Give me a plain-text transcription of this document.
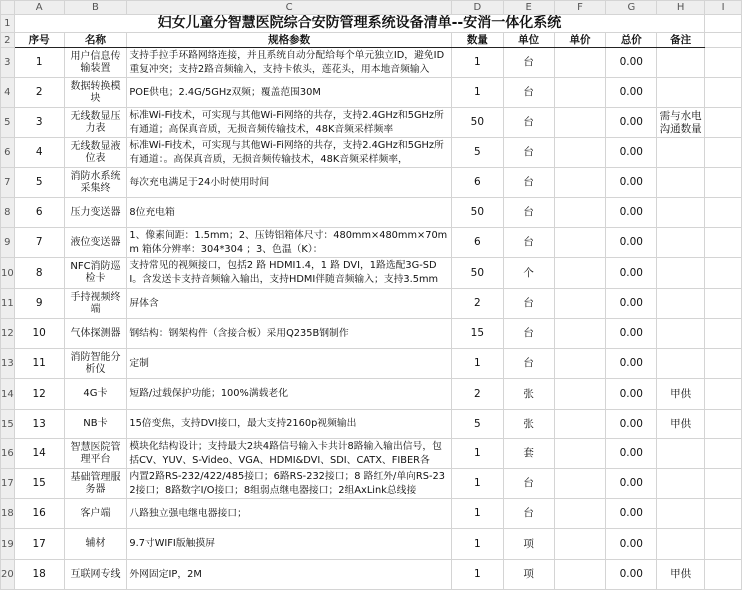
	A	B	C	D	E	F	G	H	I
1	妇女儿童分智慧医院综合安防管理系统设备清单--安消一体化系统								
2	序号	名称	规格参数	数量	单位	单价	总价	备注	
3	1	用户信息传输装置	支持手拉手环路网络连接，并且系统自动分配给每个单元独立ID，避免ID重复冲突；支持2路音频输入，支持卡侬头，莲花头，用本地音频输入	1	台		0.00		
4	2	数据转换模块	POE供电；2.4G/5GHz双频；覆盖范围30M	1	台		0.00		
5	3	无线数显压力表	标准Wi-Fi技术，可实现与其他Wi-Fi网络的共存，支持2.4GHz和5GHz所有通道；高保真音质，无损音频传输技术，48K音频采样频率	50	台		0.00	需与水电沟通数量	
6	4	无线数显液位表	标准Wi-Fi技术，可实现与其他Wi-Fi网络的共存，支持2.4GHz和5GHz所有通道：。高保真音质，无损音频传输技术，48K音频采样频率，	5	台		0.00		
7	5	消防水系统采集终	每次充电满足于24小时使用时间	6	台		0.00		
8	6	压力变送器	8位充电箱	50	台		0.00		
9	7	液位变送器	1、像素间距：1.5mm；2、压铸铝箱体尺寸：480mm×480mm×70mm 箱体分辨率：304*304 ；3、色温（K）：	6	台		0.00		
10	8	NFC消防巡检卡	支持常见的视频接口，包括2 路 HDMI1.4，1 路 DVI，1路选配3G-SDI。含发送卡支持音频输入输出，支持HDMI伴随音频输入；支持3.5mm	50	个		0.00		
11	9	手持视频终端	屏体含	2	台		0.00		
12	10	气体探测器	钢结构：钢架构件（含接合板）采用Q235B钢制作	15	台		0.00		
13	11	消防智能分析仪	定制	1	台		0.00		
14	12	4G卡	短路/过载保护功能；100%满载老化	2	张		0.00	甲供	
15	13	NB卡	15倍变焦，支持DVI接口，最大支持2160p视频输出	5	张		0.00	甲供	
16	14	智慧医院管理平台	模块化结构设计；支持最大2块4路信号输入卡共计8路输入输出信号，包括CV、YUV、S-Video、VGA、HDMI&DVI、SDI、CATX、FIBER各	1	套		0.00		
17	15	基础管理服务器	内置2路RS-232/422/485接口；6路RS-232接口；8 路红外/单向RS-232接口；8路数字I/O接口；8组弱点继电器接口；2组AxLink总线接	1	台		0.00		
18	16	客户端	八路独立强电继电器接口；	1	台		0.00		
19	17	辅材	9.7寸WIFI版触摸屏	1	项		0.00		
20	18	互联网专线	外网固定IP，2M	1	项		0.00	甲供	
